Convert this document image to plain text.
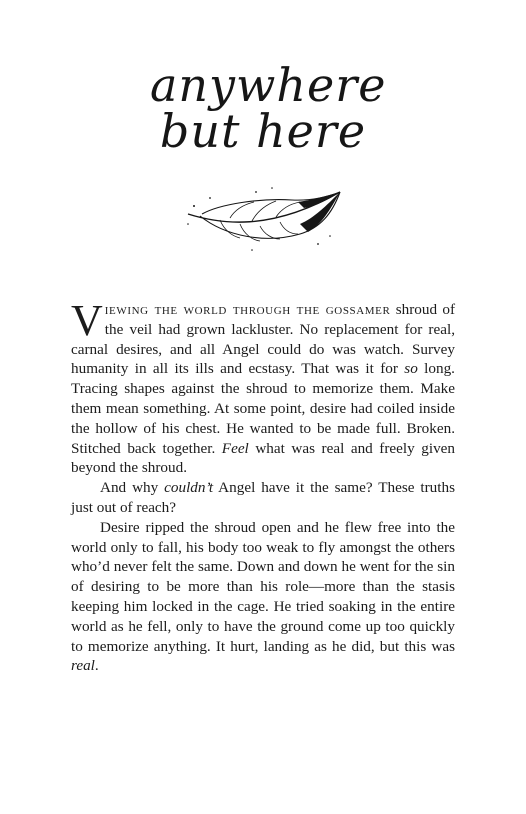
anywhere
but here

Viewing the world through the gossamer shroud of the veil had grown lackluster. No replacement for real, carnal desires, and all Angel could do was watch. Survey humanity in all its ills and ecstasy. That was it for so long. Tracing shapes against the shroud to memorize them. Make them mean something. At some point, desire had coiled inside the hollow of his chest. He wanted to be made full. Broken. Stitched back together. Feel what was real and freely given beyond the shroud.

And why couldn’t Angel have it the same? These truths just out of reach?

Desire ripped the shroud open and he flew free into the world only to fall, his body too weak to fly amongst the others who’d never felt the same. Down and down he went for the sin of desiring to be more than his role—more than the stasis keeping him locked in the cage. He tried soaking in the entire world as he fell, only to have the ground come up too quickly to memorize anything. It hurt, landing as he did, but this was real.
